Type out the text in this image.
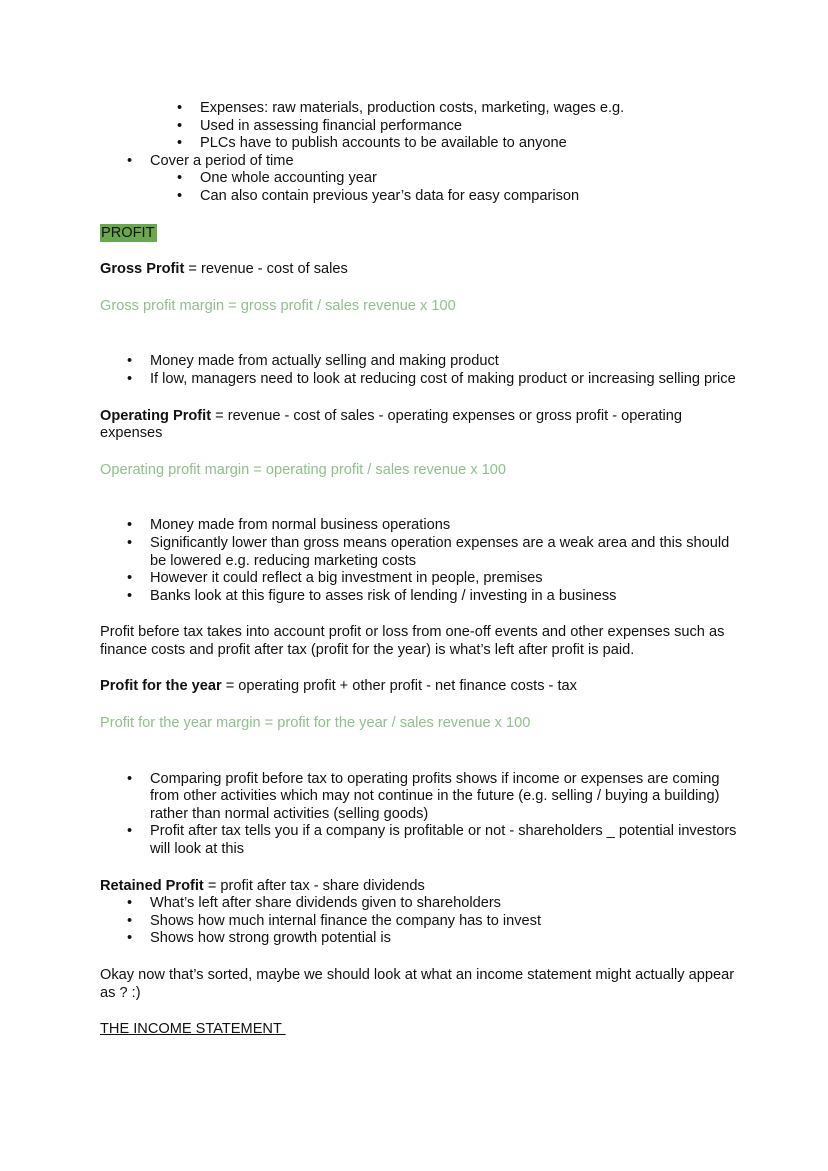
• Expenses: raw materials, production costs, marketing, wages e.g.
• Used in assessing financial performance
• PLCs have to publish accounts to be available to anyone
• Cover a period of time
• One whole accounting year
• Can also contain previous year’s data for easy comparison
PROFIT
Gross Profit = revenue - cost of sales
Gross profit margin = gross profit / sales revenue x 100
• Money made from actually selling and making product
• If low, managers need to look at reducing cost of making product or increasing selling price
Operating Profit = revenue - cost of sales - operating expenses or gross profit - operating expenses
Operating profit margin = operating profit / sales revenue x 100
• Money made from normal business operations
• Significantly lower than gross means operation expenses are a weak area and this should be lowered e.g. reducing marketing costs
• However it could reflect a big investment in people, premises
• Banks look at this figure to asses risk of lending / investing in a business
Profit before tax takes into account profit or loss from one-off events and other expenses such as finance costs and profit after tax (profit for the year) is what’s left after profit is paid.
Profit for the year = operating profit + other profit - net finance costs - tax
Profit for the year margin = profit for the year / sales revenue x 100
• Comparing profit before tax to operating profits shows if income or expenses are coming from other activities which may not continue in the future (e.g. selling / buying a building) rather than normal activities (selling goods)
• Profit after tax tells you if a company is profitable or not - shareholders _ potential investors will look at this
Retained Profit = profit after tax - share dividends
• What’s left after share dividends given to shareholders
• Shows how much internal finance the company has to invest
• Shows how strong growth potential is
Okay now that’s sorted, maybe we should look at what an income statement might actually appear as ? :)
THE INCOME STATEMENT
